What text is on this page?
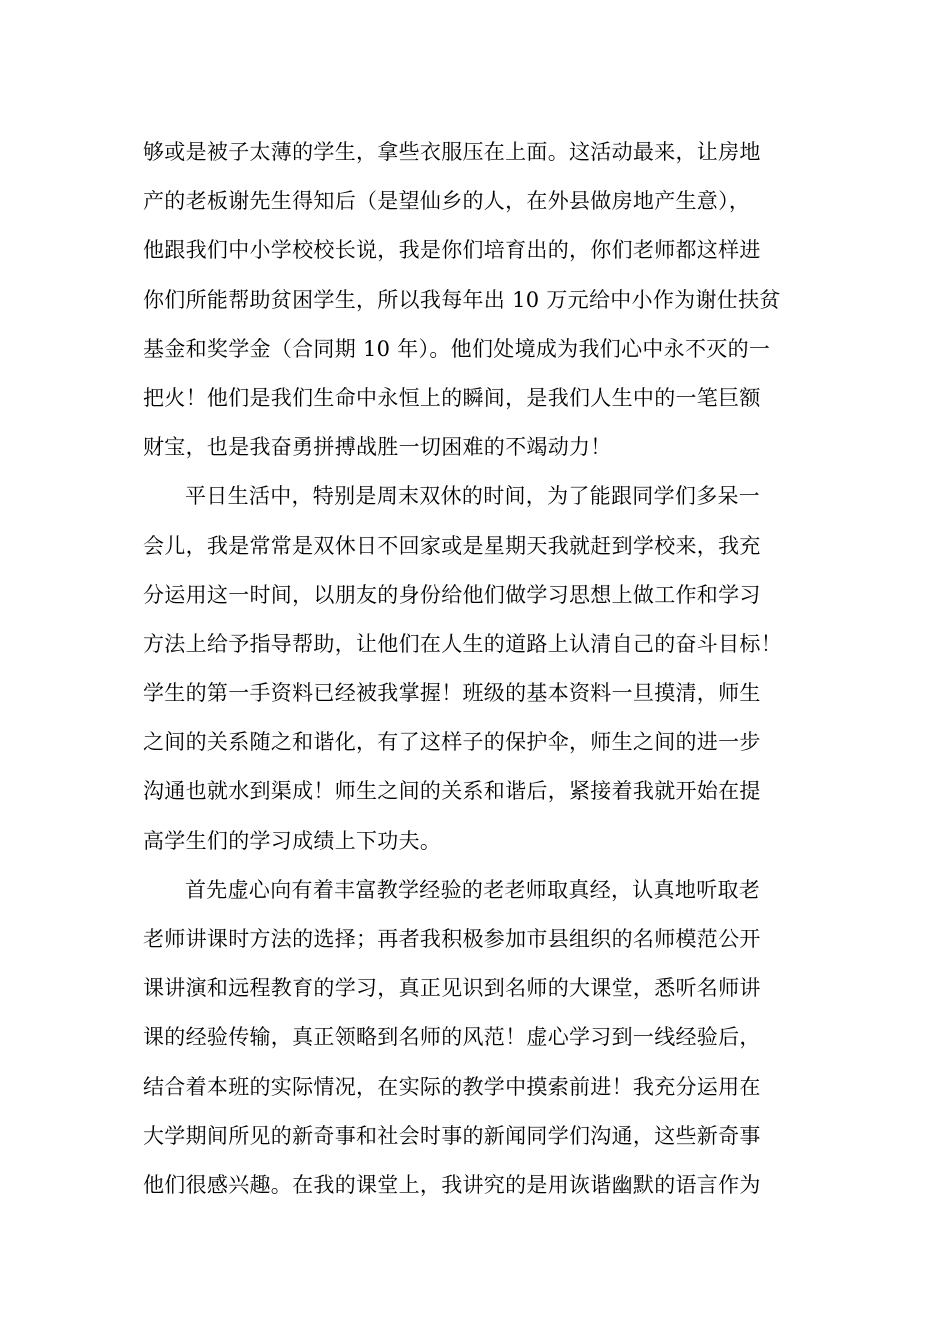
够或是被子太薄的学生，拿些衣服压在上面。这活动最来，让房地
产的老板谢先生得知后（是望仙乡的人，在外县做房地产生意），
他跟我们中小学校校长说，我是你们培育出的，你们老师都这样进
你们所能帮助贫困学生，所以我每年出 10 万元给中小作为谢仕扶贫
基金和奖学金（合同期 10 年）。他们处境成为我们心中永不灭的一
把火！他们是我们生命中永恒上的瞬间，是我们人生中的一笔巨额
财宝，也是我奋勇拼搏战胜一切困难的不竭动力！
平日生活中，特别是周末双休的时间，为了能跟同学们多呆一
会儿，我是常常是双休日不回家或是星期天我就赶到学校来，我充
分运用这一时间，以朋友的身份给他们做学习思想上做工作和学习
方法上给予指导帮助，让他们在人生的道路上认清自己的奋斗目标！
学生的第一手资料已经被我掌握！班级的基本资料一旦摸清，师生
之间的关系随之和谐化，有了这样子的保护伞，师生之间的进一步
沟通也就水到渠成！师生之间的关系和谐后，紧接着我就开始在提
高学生们的学习成绩上下功夫。
首先虚心向有着丰富教学经验的老老师取真经，认真地听取老
老师讲课时方法的选择；再者我积极参加市县组织的名师模范公开
课讲演和远程教育的学习，真正见识到名师的大课堂，悉听名师讲
课的经验传输，真正领略到名师的风范！虚心学习到一线经验后，
结合着本班的实际情况，在实际的教学中摸索前进！我充分运用在
大学期间所见的新奇事和社会时事的新闻同学们沟通，这些新奇事
他们很感兴趣。在我的课堂上，我讲究的是用诙谐幽默的语言作为
